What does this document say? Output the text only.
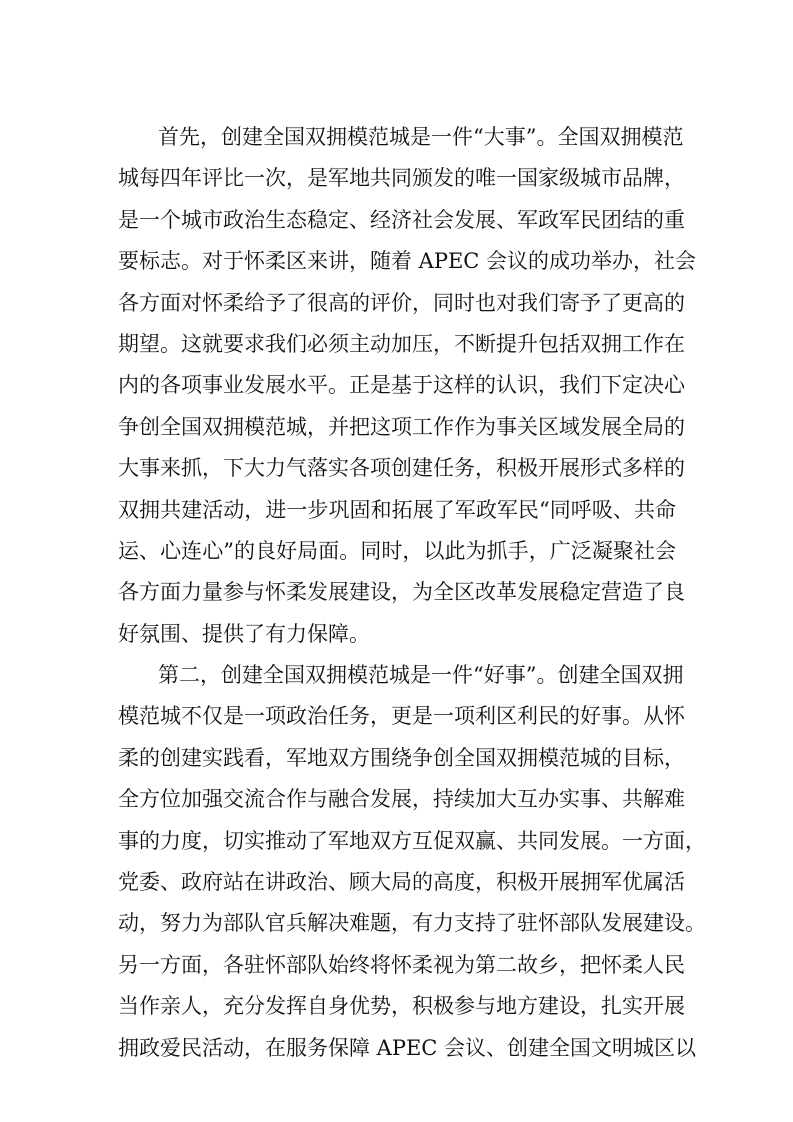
首先，创建全国双拥模范城是一件“大事”。全国双拥模范
城每四年评比一次，是军地共同颁发的唯一国家级城市品牌，
是一个城市政治生态稳定、经济社会发展、军政军民团结的重
要标志。对于怀柔区来讲，随着 APEC 会议的成功举办，社会
各方面对怀柔给予了很高的评价，同时也对我们寄予了更高的
期望。这就要求我们必须主动加压，不断提升包括双拥工作在
内的各项事业发展水平。正是基于这样的认识，我们下定决心
争创全国双拥模范城，并把这项工作作为事关区域发展全局的
大事来抓，下大力气落实各项创建任务，积极开展形式多样的
双拥共建活动，进一步巩固和拓展了军政军民“同呼吸、共命
运、心连心”的良好局面。同时，以此为抓手，广泛凝聚社会
各方面力量参与怀柔发展建设，为全区改革发展稳定营造了良
好氛围、提供了有力保障。
第二，创建全国双拥模范城是一件“好事”。创建全国双拥
模范城不仅是一项政治任务，更是一项利区利民的好事。从怀
柔的创建实践看，军地双方围绕争创全国双拥模范城的目标，
全方位加强交流合作与融合发展，持续加大互办实事、共解难
事的力度，切实推动了军地双方互促双赢、共同发展。一方面，
党委、政府站在讲政治、顾大局的高度，积极开展拥军优属活
动，努力为部队官兵解决难题，有力支持了驻怀部队发展建设。
另一方面，各驻怀部队始终将怀柔视为第二故乡，把怀柔人民
当作亲人，充分发挥自身优势，积极参与地方建设，扎实开展
拥政爱民活动，在服务保障 APEC 会议、创建全国文明城区以
